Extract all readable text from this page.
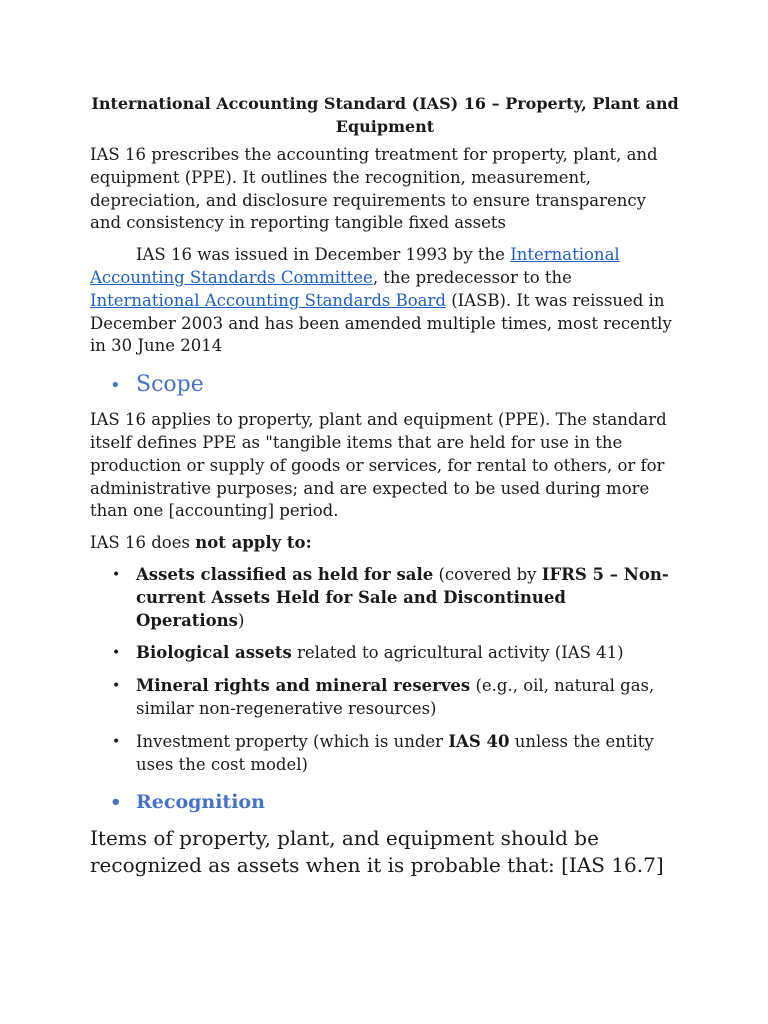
International Accounting Standard (IAS) 16 – Property, Plant and Equipment

IAS 16 prescribes the accounting treatment for property, plant, and equipment (PPE). It outlines the recognition, measurement, depreciation, and disclosure requirements to ensure transparency and consistency in reporting tangible fixed assets

IAS 16 was issued in December 1993 by the International Accounting Standards Committee, the predecessor to the International Accounting Standards Board (IASB). It was reissued in December 2003 and has been amended multiple times, most recently in 30 June 2014

• Scope

IAS 16 applies to property, plant and equipment (PPE). The standard itself defines PPE as "tangible items that are held for use in the production or supply of goods or services, for rental to others, or for administrative purposes; and are expected to be used during more than one [accounting] period.

IAS 16 does not apply to:

• Assets classified as held for sale (covered by IFRS 5 – Non-current Assets Held for Sale and Discontinued Operations)
• Biological assets related to agricultural activity (IAS 41)
• Mineral rights and mineral reserves (e.g., oil, natural gas, similar non-regenerative resources)
• Investment property (which is under IAS 40 unless the entity uses the cost model)
• Recognition

Items of property, plant, and equipment should be recognized as assets when it is probable that: [IAS 16.7]
